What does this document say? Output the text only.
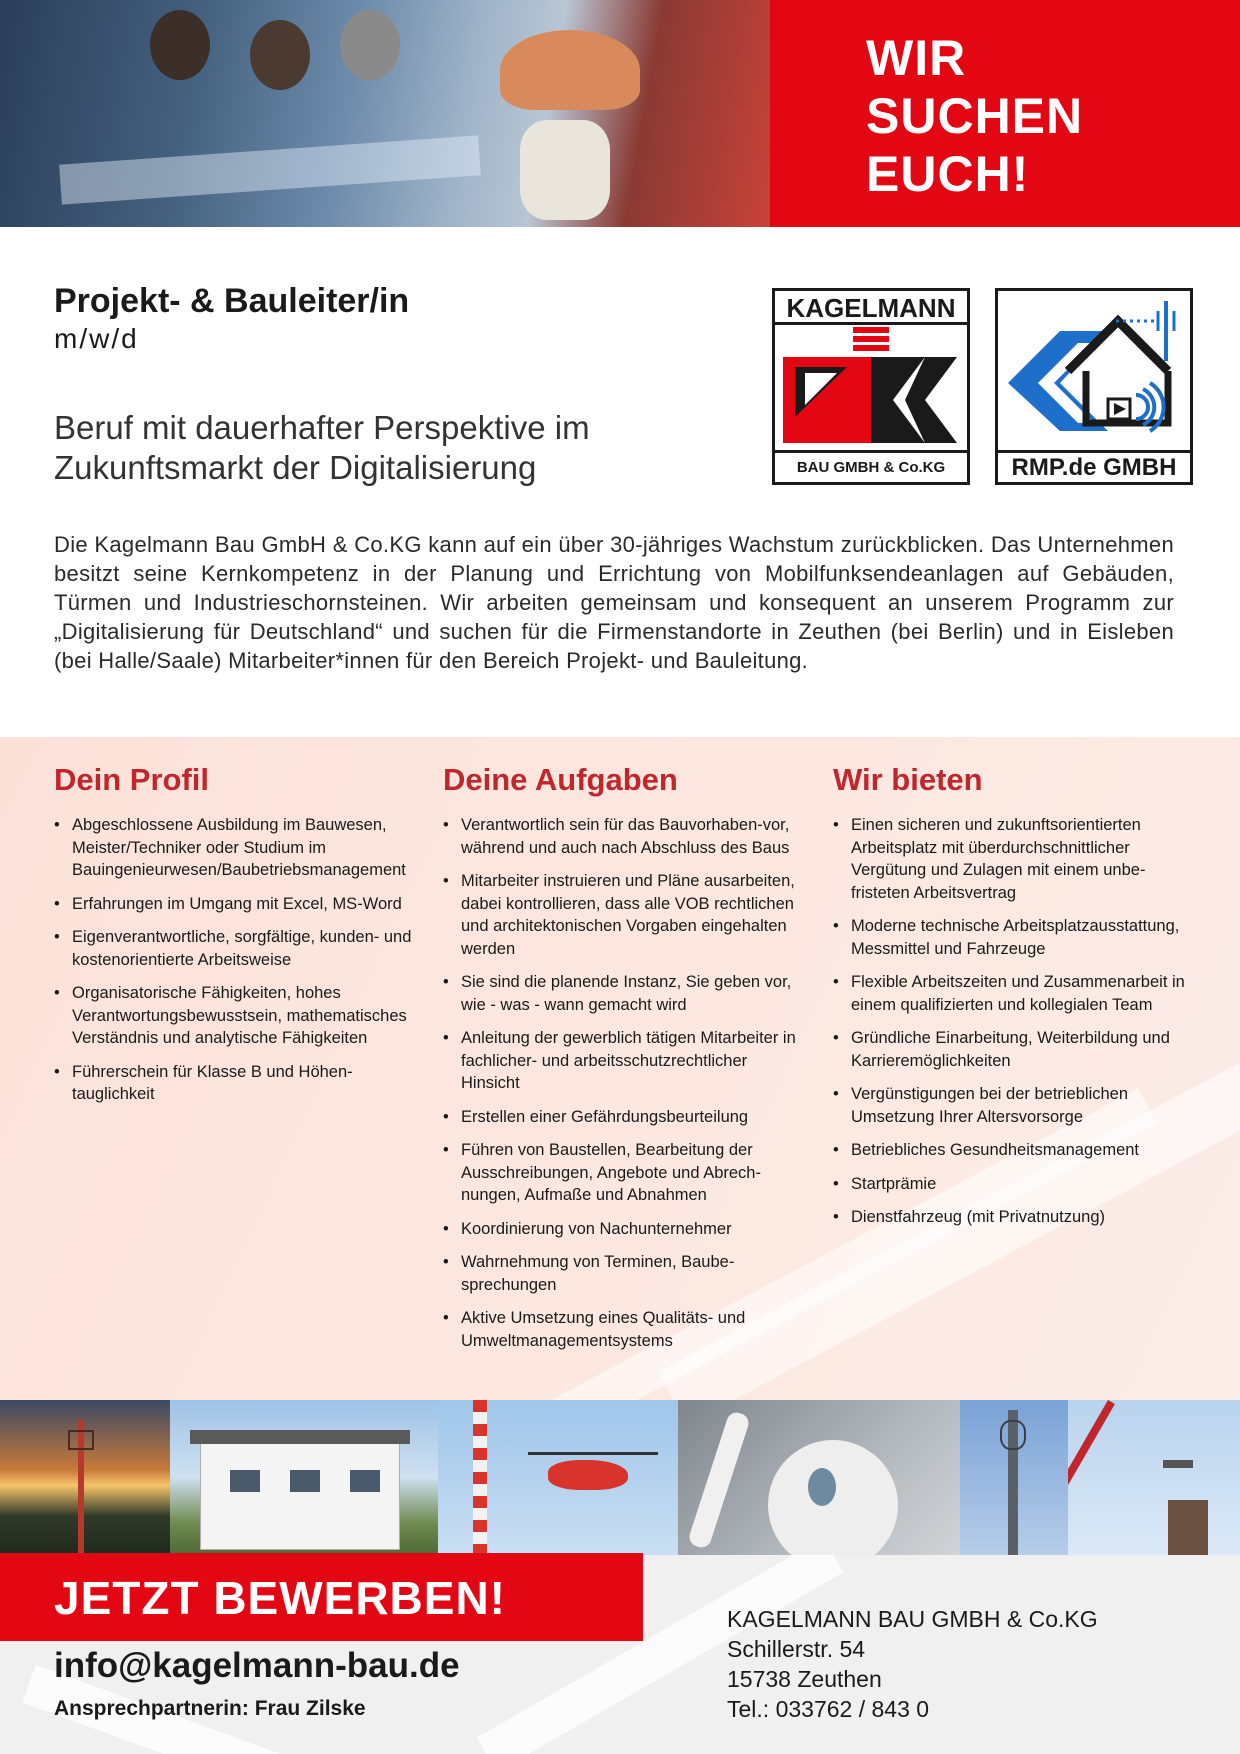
WIR
SUCHEN
EUCH!
Projekt- & Bauleiter/in
m/w/d
Beruf mit dauerhafter Perspektive im Zukunftsmarkt der Digitalisierung
KAGELMANN
BAU GMBH & Co.KG	RMP.de GMBH
Die Kagelmann Bau GmbH & Co.KG kann auf ein über 30-jähriges Wachstum zurückblicken. Das Unternehmen besitzt seine Kernkompetenz in der Planung und Errichtung von Mobilfunksendeanlagen auf Gebäuden, Türmen und Industrieschornsteinen. Wir arbeiten gemeinsam und konsequent an unserem Programm zur „Digitalisierung für Deutschland“ und suchen für die Firmenstandorte in Zeuthen (bei Berlin) und in Eisleben (bei Halle/Saale) Mitarbeiter*innen für den Bereich Projekt- und Bauleitung.
Dein Profil
• Abgeschlossene Ausbildung im Bauwesen, Meister/Techniker oder Studium im Bauingenieurwesen/Baubetriebsmanagement
• Erfahrungen im Umgang mit Excel, MS-Word
• Eigenverantwortliche, sorgfältige, kunden- und kostenorientierte Arbeitsweise
• Organisatorische Fähigkeiten, hohes Verantwortungsbewusstsein, mathematisches Verständnis und analytische Fähigkeiten
• Führerschein für Klasse B und Höhentauglichkeit
Deine Aufgaben
• Verantwortlich sein für das Bauvorhaben-vor, während und auch nach Abschluss des Baus
• Mitarbeiter instruieren und Pläne ausarbeiten, dabei kontrollieren, dass alle VOB rechtlichen und architektonischen Vorgaben eingehalten werden
• Sie sind die planende Instanz, Sie geben vor, wie - was - wann gemacht wird
• Anleitung der gewerblich tätigen Mitarbeiter in fachlicher- und arbeitsschutzrechtlicher Hinsicht
• Erstellen einer Gefährdungsbeurteilung
• Führen von Baustellen, Bearbeitung der Ausschreibungen, Angebote und Abrechnungen, Aufmaße und Abnahmen
• Koordinierung von Nachunternehmer
• Wahrnehmung von Terminen, Baubesprechungen
• Aktive Umsetzung eines Qualitäts- und Umweltmanagementsystems
Wir bieten
• Einen sicheren und zukunftsorientierten Arbeitsplatz mit überdurchschnittlicher Vergütung und Zulagen mit einem unbefristeten Arbeitsvertrag
• Moderne technische Arbeitsplatzausstattung, Messmittel und Fahrzeuge
• Flexible Arbeitszeiten und Zusammenarbeit in einem qualifizierten und kollegialen Team
• Gründliche Einarbeitung, Weiterbildung und Karrieremöglichkeiten
• Vergünstigungen bei der betrieblichen Umsetzung Ihrer Altersvorsorge
• Betriebliches Gesundheitsmanagement
• Startprämie
• Dienstfahrzeug (mit Privatnutzung)
JETZT BEWERBEN!
info@kagelmann-bau.de
Ansprechpartnerin: Frau Zilske
KAGELMANN BAU GMBH & Co.KG
Schillerstr. 54
15738 Zeuthen
Tel.: 033762 / 843 0
